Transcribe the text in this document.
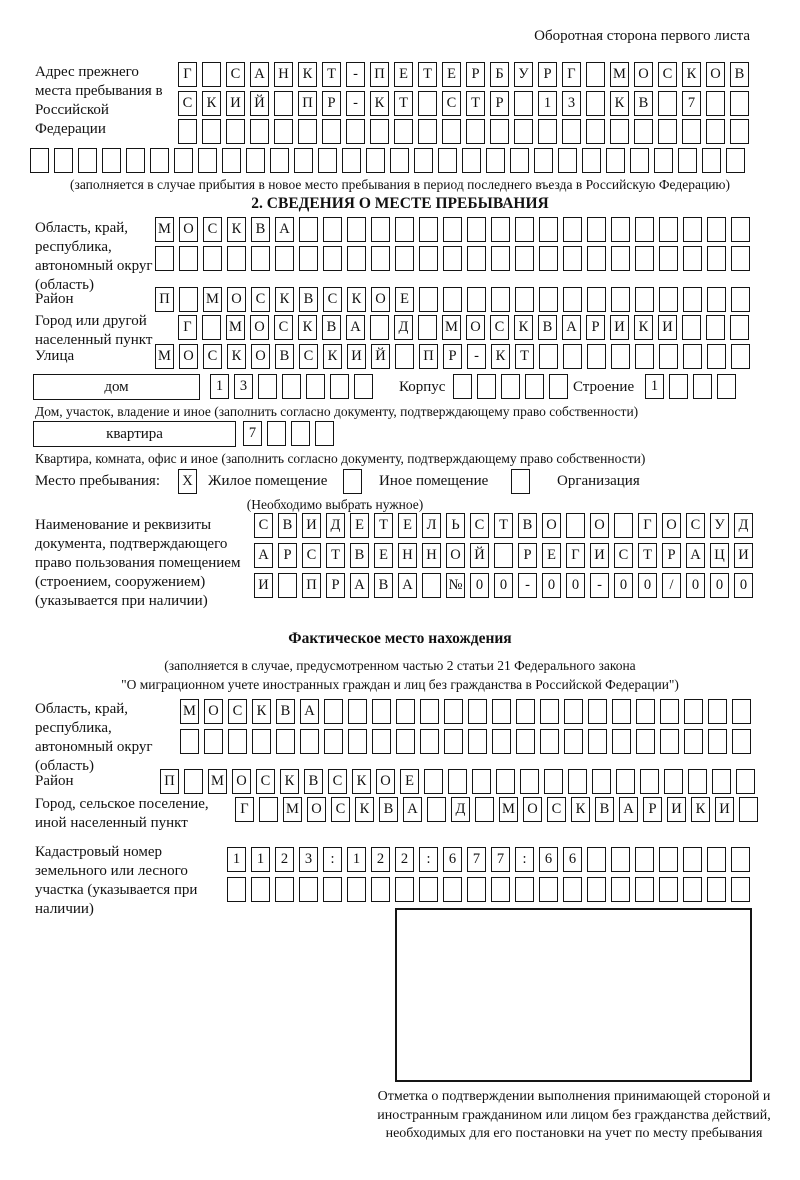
Оборотная сторона первого листа
Адрес прежнего места пребывания в Российской Федерации
Г	С А Н К	Т	-	П Е	Т	Е	Р	Б	У	Р	Г	М О С К О В
С К И Й	П	Р	-	К	Т	С	Т	Р	1	3	К В	7
(заполняется в случае прибытия в новое место пребывания в период последнего въезда в Российскую Федерацию)
2. СВЕДЕНИЯ О МЕСТЕ ПРЕБЫВАНИЯ
Область, край, республика, автономный округ (область)
М О С К В А
Район	П	М О С К В С К О Е
Город или другой населенный пункт
Г	М О С К В А	Д	М О С К В А	Р	И К И
Улица	М О С К О В С К И Й	П	Р	-	К	Т
дом	1	3	Корпус	Строение	1
Дом, участок, владение и иное (заполнить согласно документу, подтверждающему право собственности)
квартира	7
Квартира, комната, офис и иное (заполнить согласно документу, подтверждающему право собственности)
Место пребывания: X Жилое помещение	Иное помещение	Организация
(Необходимо выбрать нужное)
Наименование и реквизиты документа, подтверждающего право пользования помещением (строением, сооружением) (указывается при наличии)
С В И Д	Е	Т	Е	Л	Ь	С	Т	В О	О	Г	О С У Д
А	Р	С	Т	В	Е Н Н О Й	Р	Е	Г	И С	Т	Р	А Ц И
И	П	Р	А В А № 0	0	-	0	0	-	0	0	/	0	0	0
Фактическое место нахождения
(заполняется в случае, предусмотренном частью 2 статьи 21 Федерального закона
"О миграционном учете иностранных граждан и лиц без гражданства в Российской Федерации")
Область, край, республика, автономный округ (область)
М О С К В А
Район	П	М О С К В С К О Е
Город, сельское поселение, иной населенный пункт
Г	М О С К В А	Д	М О С К В А	Р	И К И
Кадастровый номер земельного или лесного участка (указывается при наличии)
1	1	2	3	:	1	2	2	:	6	7	7	:	6	6
Отметка о подтверждении выполнения принимающей стороной и иностранным гражданином или лицом без гражданства действий, необходимых для его постановки на учет по месту пребывания
